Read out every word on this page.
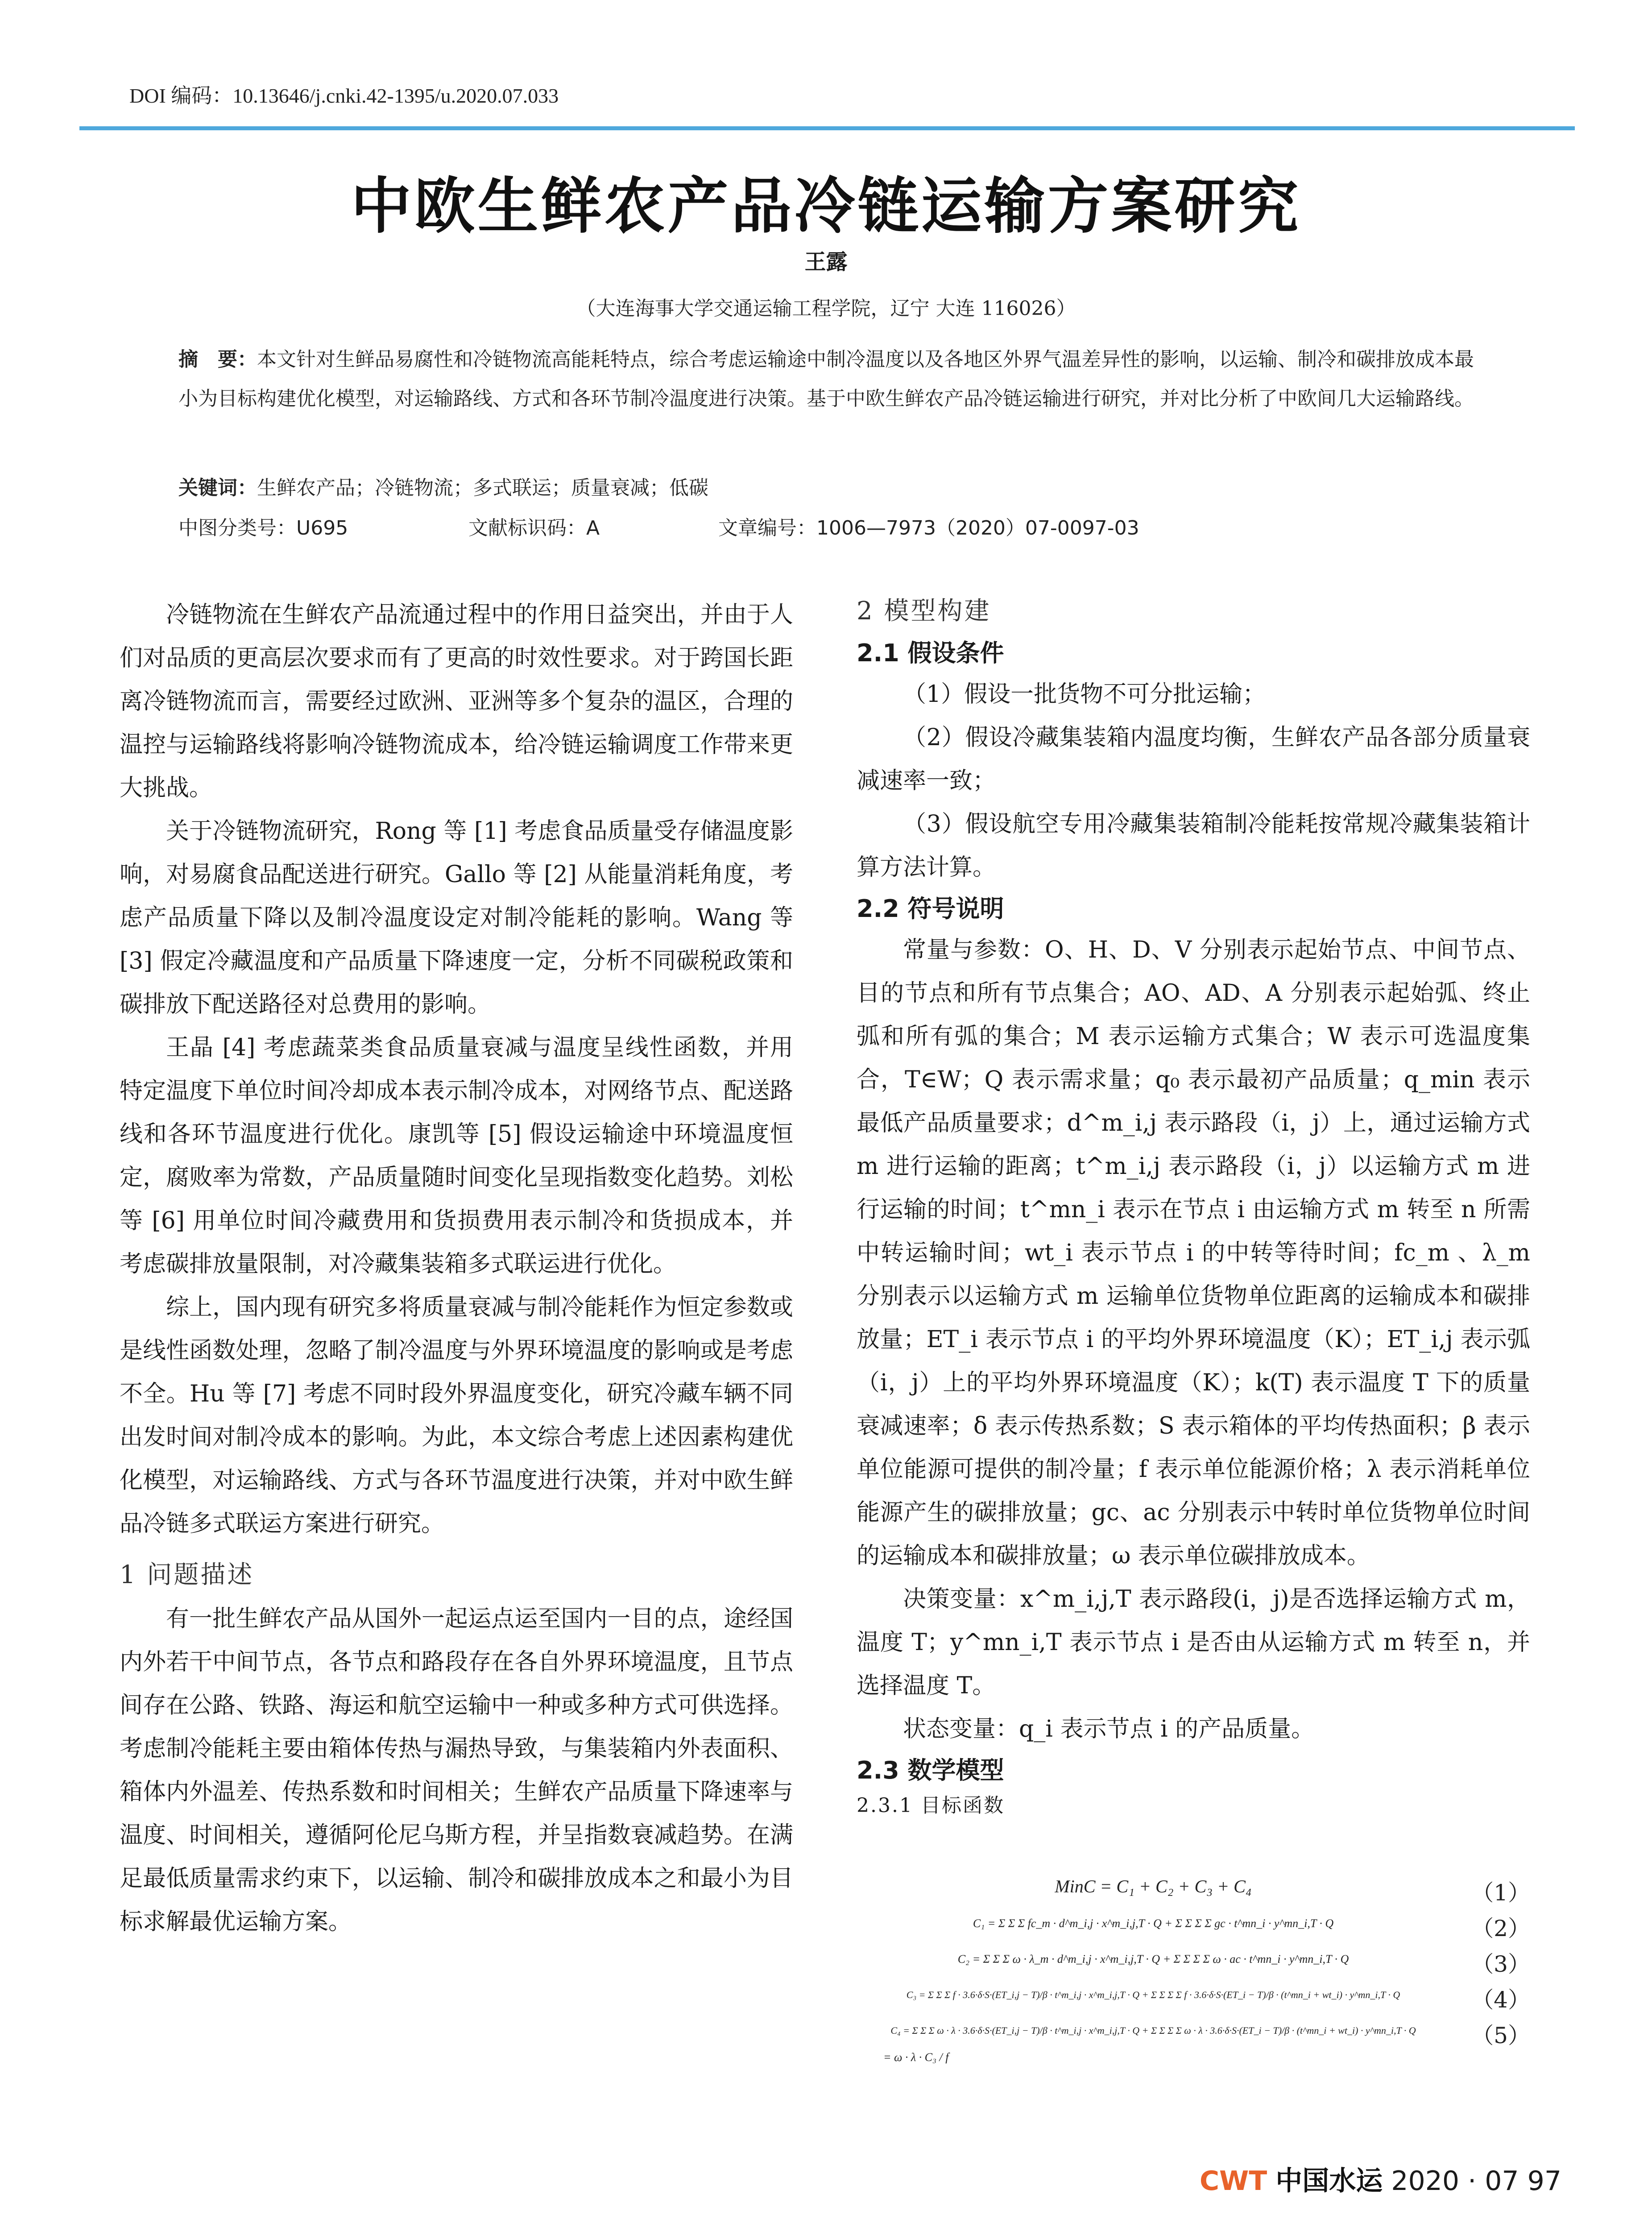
DOI 编码：10.13646/j.cnki.42-1395/u.2020.07.033
中欧生鲜农产品冷链运输方案研究
王露
（大连海事大学交通运输工程学院，辽宁 大连 116026）
摘　要：本文针对生鲜品易腐性和冷链物流高能耗特点，综合考虑运输途中制冷温度以及各地区外界气温差异性的影响，以运输、制冷和碳排放成本最小为目标构建优化模型，对运输路线、方式和各环节制冷温度进行决策。基于中欧生鲜农产品冷链运输进行研究，并对比分析了中欧间几大运输路线。
关键词：生鲜农产品；冷链物流；多式联运；质量衰减；低碳
中图分类号：U695	文献标识码：A	文章编号：1006—7973（2020）07-0097-03

冷链物流在生鲜农产品流通过程中的作用日益突出，并由于人们对品质的更高层次要求而有了更高的时效性要求。对于跨国长距离冷链物流而言，需要经过欧洲、亚洲等多个复杂的温区，合理的温控与运输路线将影响冷链物流成本，给冷链运输调度工作带来更大挑战。

关于冷链物流研究，Rong 等 [1] 考虑食品质量受存储温度影响，对易腐食品配送进行研究。Gallo 等 [2] 从能量消耗角度，考虑产品质量下降以及制冷温度设定对制冷能耗的影响。Wang 等 [3] 假定冷藏温度和产品质量下降速度一定，分析不同碳税政策和碳排放下配送路径对总费用的影响。

王晶 [4] 考虑蔬菜类食品质量衰减与温度呈线性函数，并用特定温度下单位时间冷却成本表示制冷成本，对网络节点、配送路线和各环节温度进行优化。康凯等 [5] 假设运输途中环境温度恒定，腐败率为常数，产品质量随时间变化呈现指数变化趋势。刘松等 [6] 用单位时间冷藏费用和货损费用表示制冷和货损成本，并考虑碳排放量限制，对冷藏集装箱多式联运进行优化。

综上，国内现有研究多将质量衰减与制冷能耗作为恒定参数或是线性函数处理，忽略了制冷温度与外界环境温度的影响或是考虑不全。Hu 等 [7] 考虑不同时段外界温度变化，研究冷藏车辆不同出发时间对制冷成本的影响。为此，本文综合考虑上述因素构建优化模型，对运输路线、方式与各环节温度进行决策，并对中欧生鲜品冷链多式联运方案进行研究。

1 问题描述

有一批生鲜农产品从国外一起运点运至国内一目的点，途经国内外若干中间节点，各节点和路段存在各自外界环境温度，且节点间存在公路、铁路、海运和航空运输中一种或多种方式可供选择。考虑制冷能耗主要由箱体传热与漏热导致，与集装箱内外表面积、箱体内外温差、传热系数和时间相关；生鲜农产品质量下降速率与温度、时间相关，遵循阿伦尼乌斯方程，并呈指数衰减趋势。在满足最低质量需求约束下，以运输、制冷和碳排放成本之和最小为目标求解最优运输方案。

2 模型构建
2.1 假设条件

（1）假设一批货物不可分批运输；

（2）假设冷藏集装箱内温度均衡，生鲜农产品各部分质量衰减速率一致；

（3）假设航空专用冷藏集装箱制冷能耗按常规冷藏集装箱计算方法计算。

2.2 符号说明

常量与参数：O、H、D、V 分别表示起始节点、中间节点、目的节点和所有节点集合；AO、AD、A 分别表示起始弧、终止弧和所有弧的集合；M 表示运输方式集合；W 表示可选温度集合，T∈W；Q 表示需求量；q₀ 表示最初产品质量；q_min 表示最低产品质量要求；d^m_i,j 表示路段（i，j）上，通过运输方式 m 进行运输的距离；t^m_i,j 表示路段（i，j）以运输方式 m 进行运输的时间；t^mn_i 表示在节点 i 由运输方式 m 转至 n 所需中转运输时间；wt_i 表示节点 i 的中转等待时间；fc_m 、λ_m 分别表示以运输方式 m 运输单位货物单位距离的运输成本和碳排放量；ET_i 表示节点 i 的平均外界环境温度（K）；ET_i,j 表示弧（i，j）上的平均外界环境温度（K）；k(T) 表示温度 T 下的质量衰减速率；δ 表示传热系数；S 表示箱体的平均传热面积；β 表示单位能源可提供的制冷量；f 表示单位能源价格；λ 表示消耗单位能源产生的碳排放量；gc、ac 分别表示中转时单位货物单位时间的运输成本和碳排放量；ω 表示单位碳排放成本。

决策变量：x^m_i,j,T 表示路段(i，j)是否选择运输方式 m，温度 T；y^mn_i,T 表示节点 i 是否由从运输方式 m 转至 n，并选择温度 T。

状态变量：q_i 表示节点 i 的产品质量。

2.3 数学模型
2.3.1 目标函数
MinC = C₁ + C₂ + C₃ + C₄	（1）
C₁ = Σ Σ Σ fc_m · d^m_i,j · x^m_i,j,T · Q + Σ Σ Σ Σ gc · t^mn_i · y^mn_i,T · Q	（2）
C₂ = Σ Σ Σ ω · λ_m · d^m_i,j · x^m_i,j,T · Q + Σ Σ Σ Σ ω · ac · t^mn_i · y^mn_i,T · Q	（3）
C₃ = Σ Σ Σ f · 3.6·δ·S·(ET_i,j − T)/β · t^m_i,j · x^m_i,j,T · Q + Σ Σ Σ Σ f · 3.6·δ·S·(ET_i − T)/β · (t^mn_i + wt_i) · y^mn_i,T · Q	（4）
C₄ = Σ Σ Σ ω · λ · 3.6·δ·S·(ET_i,j − T)/β · t^m_i,j · x^m_i,j,T · Q + Σ Σ Σ Σ ω · λ · 3.6·δ·S·(ET_i − T)/β · (t^mn_i + wt_i) · y^mn_i,T · Q	（5）
= ω · λ · C₃ / f
CWT 中国水运 2020 · 07 97
